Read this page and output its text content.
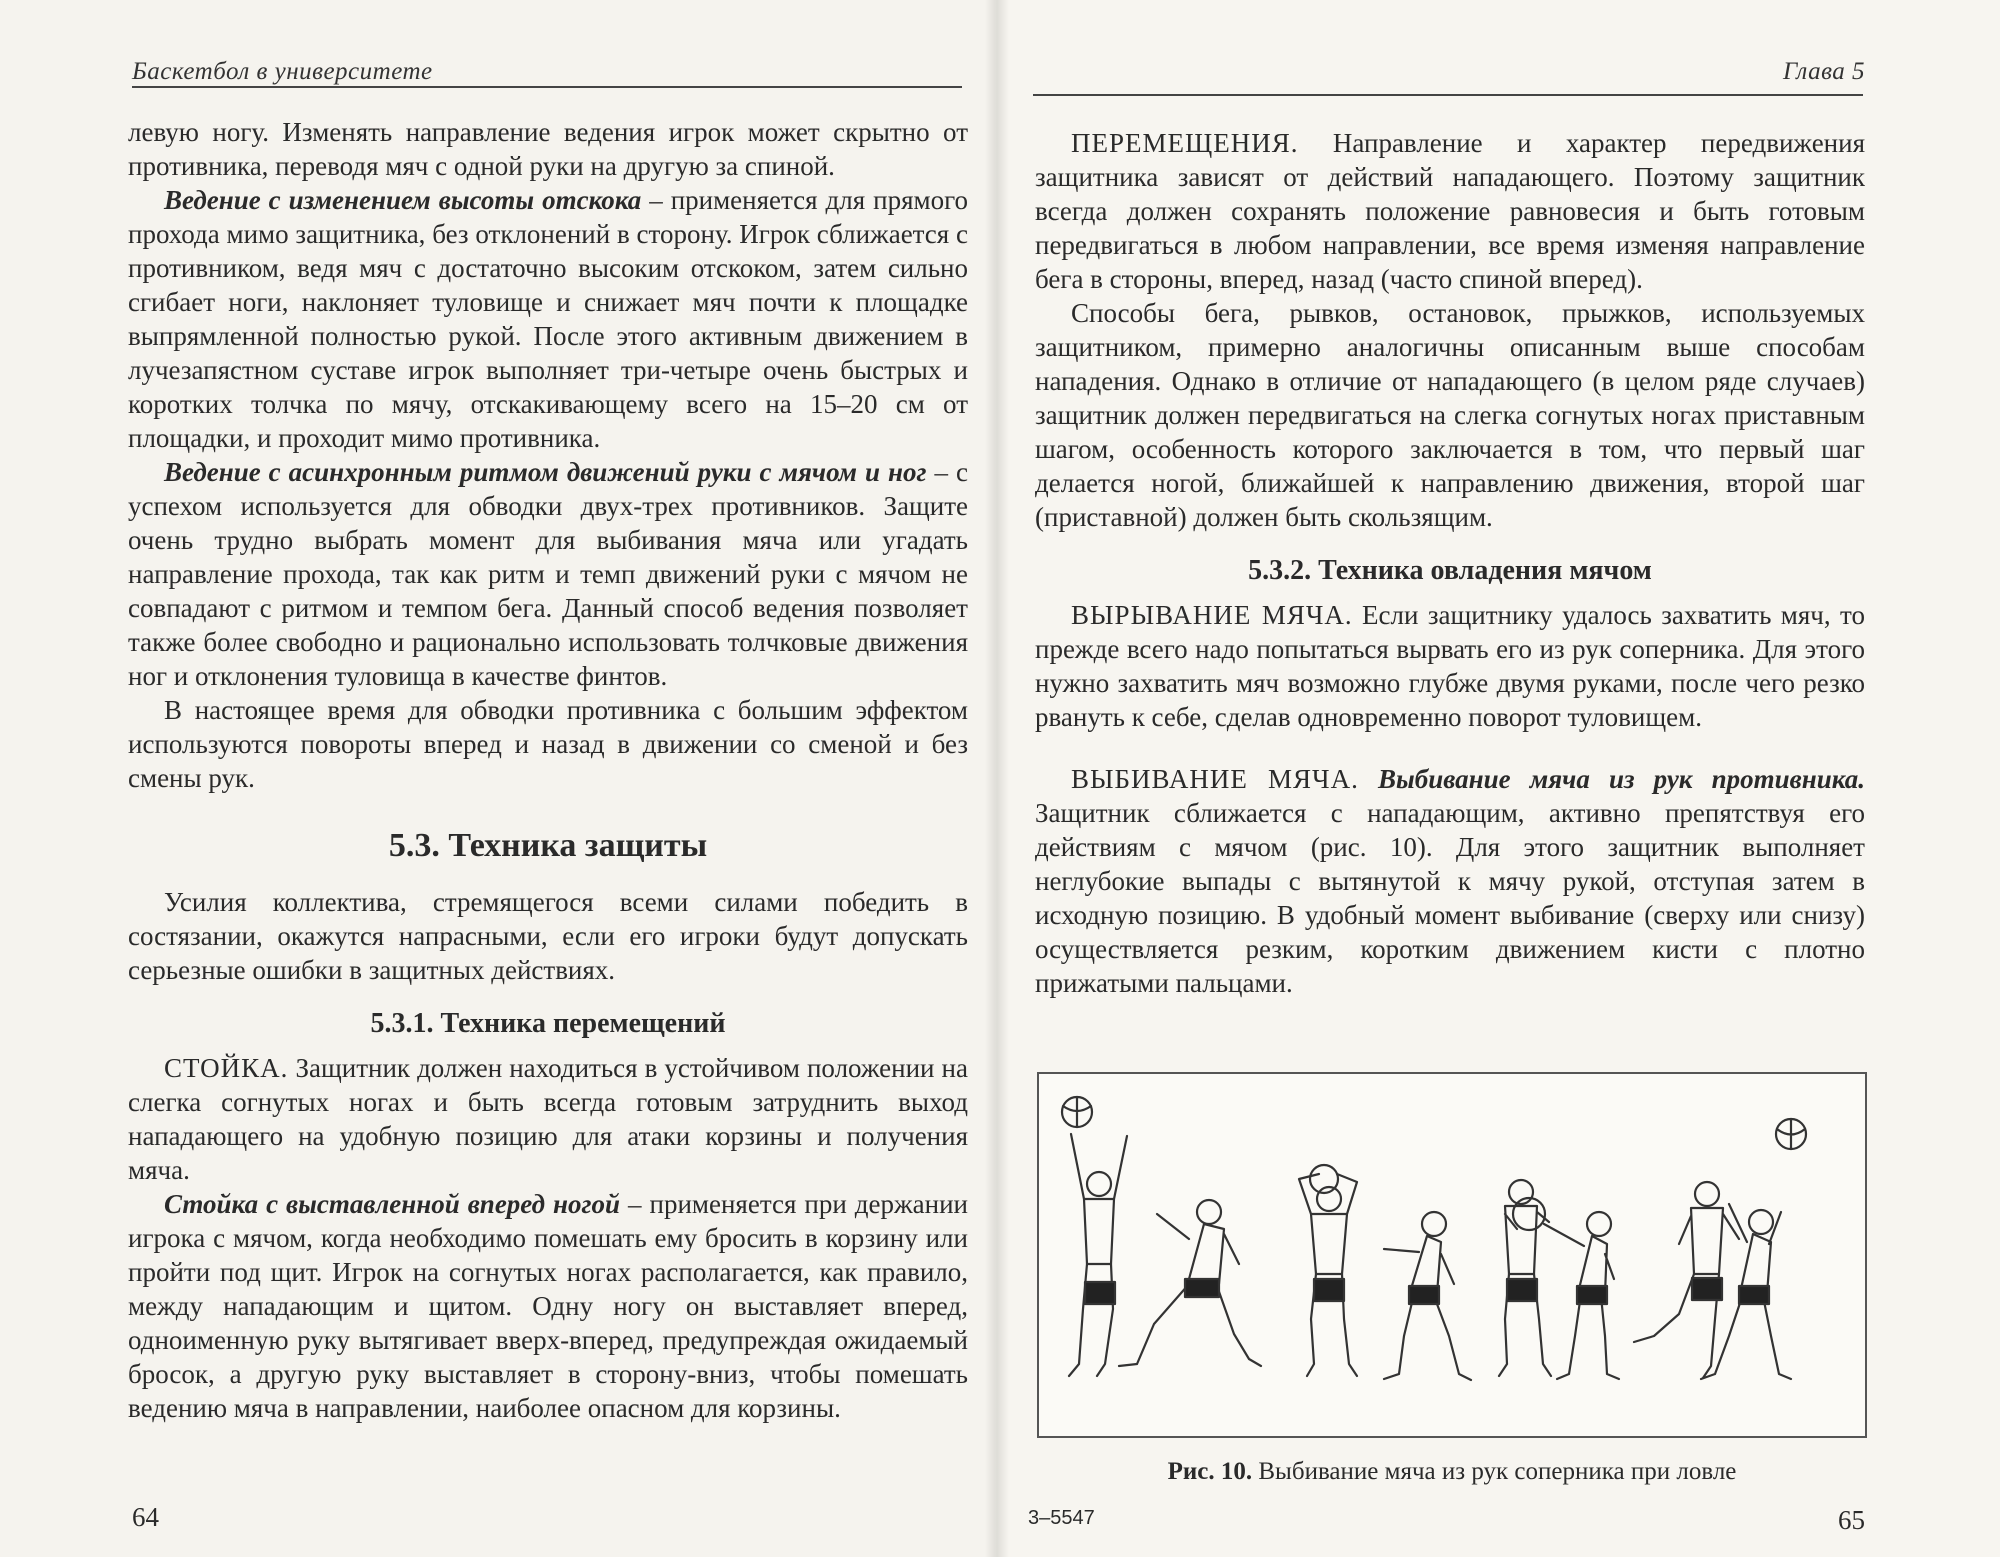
Баскетбол в университете

левую ногу. Изменять направление ведения игрок может скрытно от противника, переводя мяч с одной руки на другую за спиной.

Ведение с изменением высоты отскока – применяется для прямого прохода мимо защитника, без отклонений в сторону. Игрок сближается с противником, ведя мяч с достаточно высоким отскоком, затем сильно сгибает ноги, наклоняет туловище и снижает мяч почти к площадке выпрямленной полностью рукой. После этого активным движением в лучезапястном суставе игрок выполняет три-четыре очень быстрых и коротких толчка по мячу, отскакивающему всего на 15–20 см от площадки, и проходит мимо противника.

Ведение с асинхронным ритмом движений руки с мячом и ног – с успехом используется для обводки двух-трех противников. Защите очень трудно выбрать момент для выбивания мяча или угадать направление прохода, так как ритм и темп движений руки с мячом не совпадают с ритмом и темпом бега. Данный способ ведения позволяет также более свободно и рационально использовать толчковые движения ног и отклонения туловища в качестве финтов.

В настоящее время для обводки противника с большим эффектом используются повороты вперед и назад в движении со сменой и без смены рук.

5.3. Техника защиты

Усилия коллектива, стремящегося всеми силами победить в состязании, окажутся напрасными, если его игроки будут допускать серьезные ошибки в защитных действиях.

5.3.1. Техника перемещений

СТОЙКА. Защитник должен находиться в устойчивом положении на слегка согнутых ногах и быть всегда готовым затруднить выход нападающего на удобную позицию для атаки корзины и получения мяча.

Стойка с выставленной вперед ногой – применяется при держании игрока с мячом, когда необходимо помешать ему бросить в корзину или пройти под щит. Игрок на согнутых ногах располагается, как правило, между нападающим и щитом. Одну ногу он выставляет вперед, одноименную руку вытягивает вверх-вперед, предупреждая ожидаемый бросок, а другую руку выставляет в сторону-вниз, чтобы помешать ведению мяча в направлении, наиболее опасном для корзины.

64
Глава 5

ПЕРЕМЕЩЕНИЯ. Направление и характер передвижения защитника зависят от действий нападающего. Поэтому защитник всегда должен сохранять положение равновесия и быть готовым передвигаться в любом направлении, все время изменяя направление бега в стороны, вперед, назад (часто спиной вперед).

Способы бега, рывков, остановок, прыжков, используемых защитником, примерно аналогичны описанным выше способам нападения. Однако в отличие от нападающего (в целом ряде случаев) защитник должен передвигаться на слегка согнутых ногах приставным шагом, особенность которого заключается в том, что первый шаг делается ногой, ближайшей к направлению движения, второй шаг (приставной) должен быть скользящим.

5.3.2. Техника овладения мячом

ВЫРЫВАНИЕ МЯЧА. Если защитнику удалось захватить мяч, то прежде всего надо попытаться вырвать его из рук соперника. Для этого нужно захватить мяч возможно глубже двумя руками, после чего резко рвануть к себе, сделав одновременно поворот туловищем.

ВЫБИВАНИЕ МЯЧА. Выбивание мяча из рук противника. Защитник сближается с нападающим, активно препятствуя его действиям с мячом (рис. 10). Для этого защитник выполняет неглубокие выпады с вытянутой к мячу рукой, отступая затем в исходную позицию. В удобный момент выбивание (сверху или снизу) осуществляется резким, коротким движением кисти с плотно прижатыми пальцами.

Рис. 10. Выбивание мяча из рук соперника при ловле
3–5547	65
